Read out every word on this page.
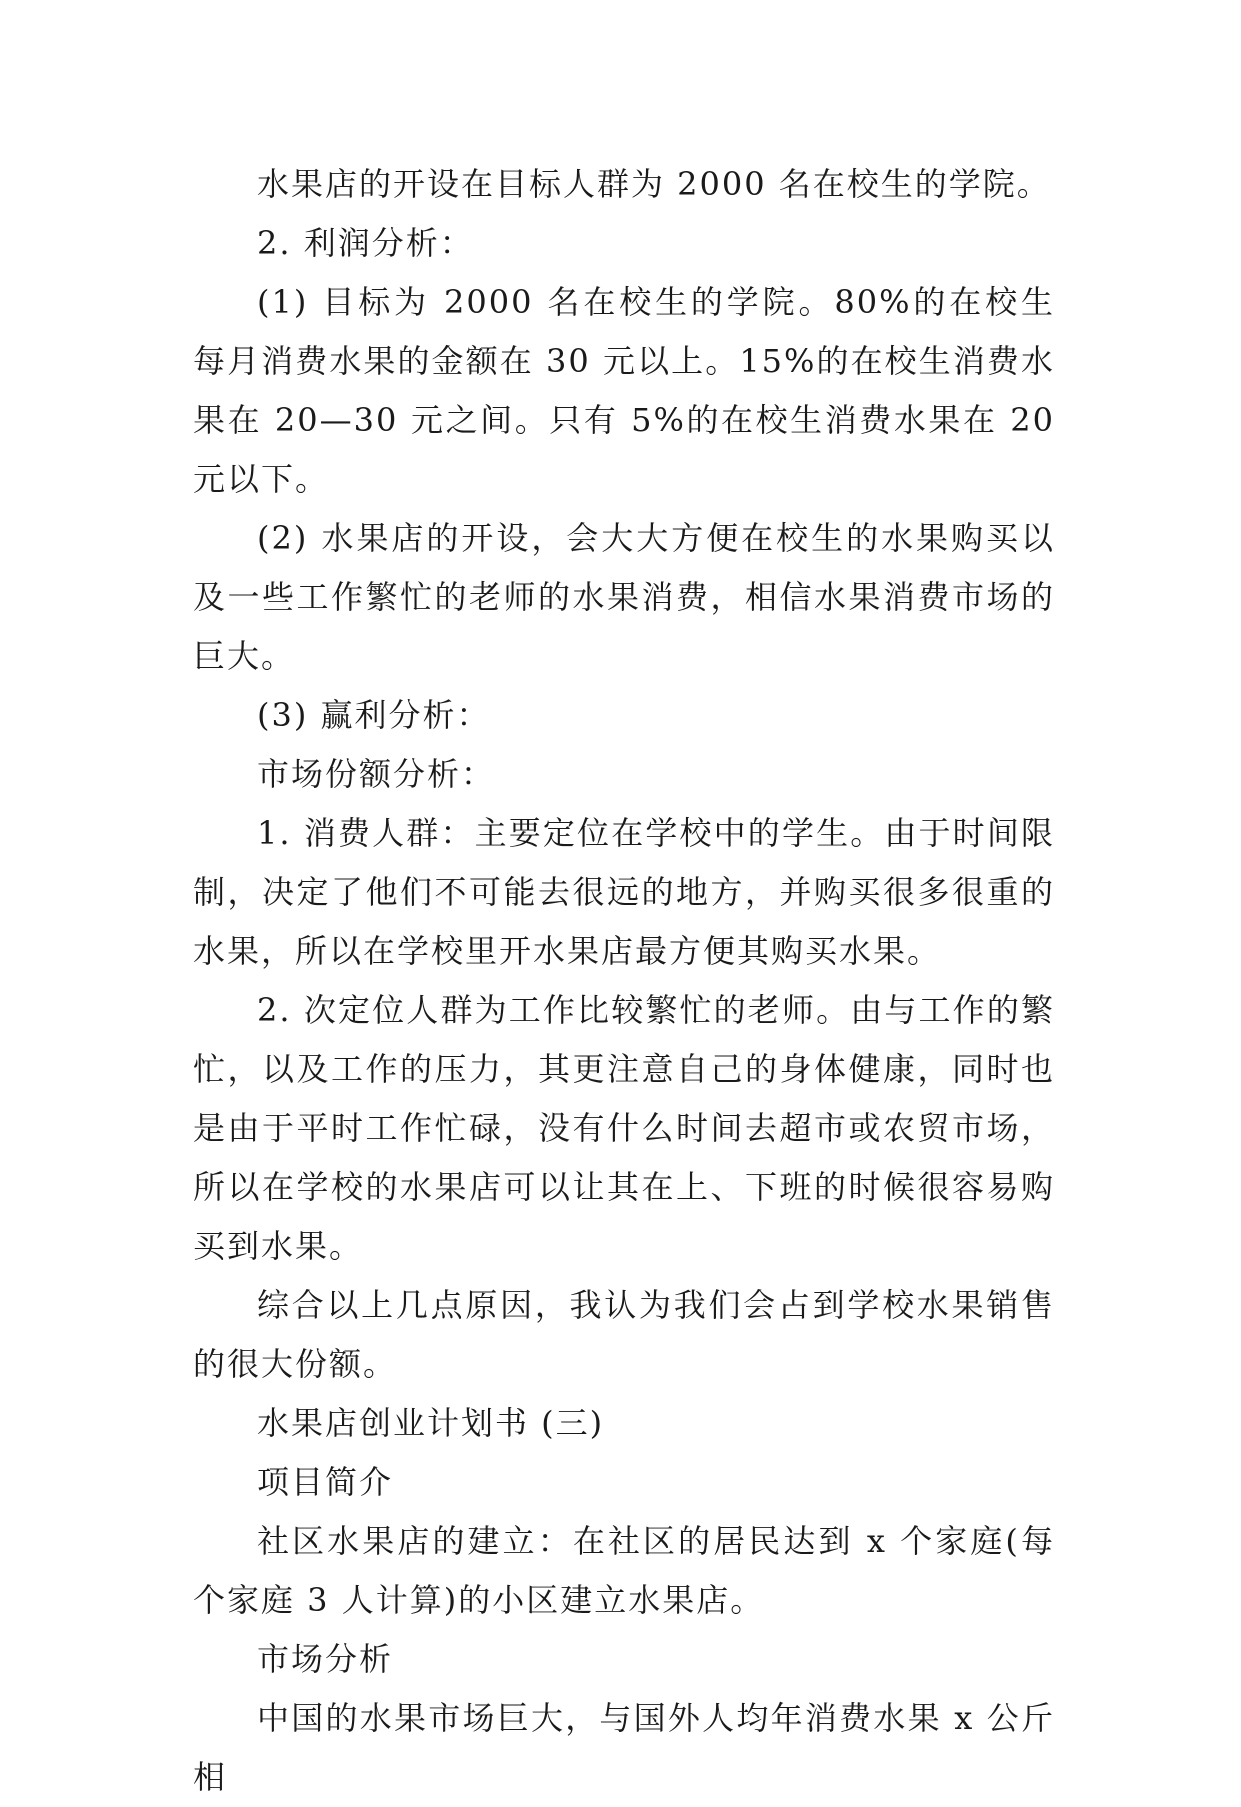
水果店的开设在目标人群为 2000 名在校生的学院。

2. 利润分析：

(1) 目标为 2000 名在校生的学院。80%的在校生每月消费水果的金额在 30 元以上。15%的在校生消费水果在 20—30 元之间。只有 5%的在校生消费水果在 20 元以下。

(2) 水果店的开设，会大大方便在校生的水果购买以及一些工作繁忙的老师的水果消费，相信水果消费市场的巨大。

(3) 赢利分析：

市场份额分析：

1. 消费人群：主要定位在学校中的学生。由于时间限制，决定了他们不可能去很远的地方，并购买很多很重的水果，所以在学校里开水果店最方便其购买水果。

2. 次定位人群为工作比较繁忙的老师。由与工作的繁忙，以及工作的压力，其更注意自己的身体健康，同时也是由于平时工作忙碌，没有什么时间去超市或农贸市场，所以在学校的水果店可以让其在上、下班的时候很容易购买到水果。

综合以上几点原因，我认为我们会占到学校水果销售的很大份额。

水果店创业计划书 (三)

项目简介

社区水果店的建立：在社区的居民达到 x 个家庭(每个家庭 3 人计算)的小区建立水果店。

市场分析

中国的水果市场巨大，与国外人均年消费水果 x 公斤相
